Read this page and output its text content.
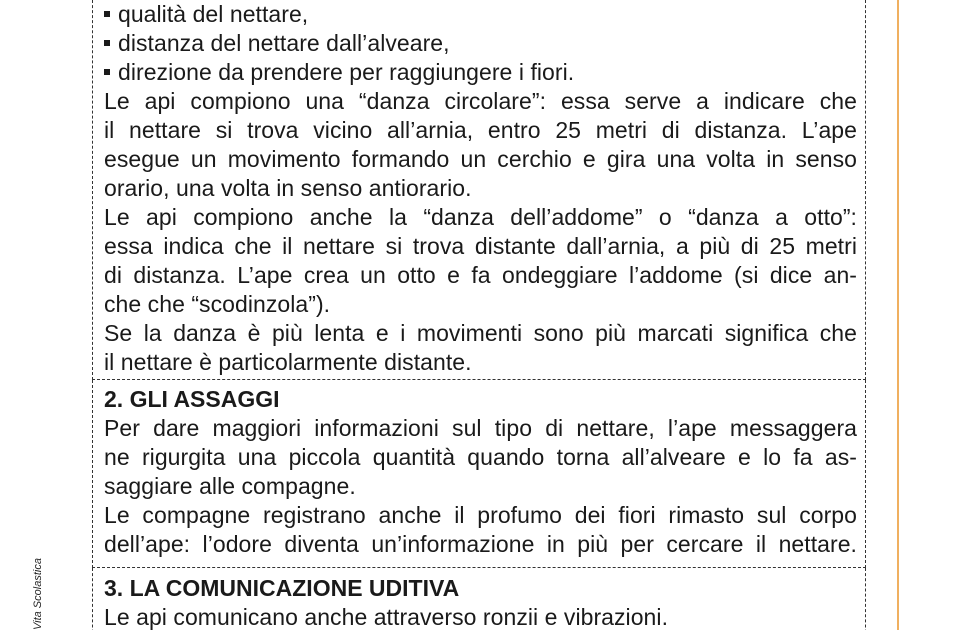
Vita Scolastica
qualità del nettare,
distanza del nettare dall’alveare,
direzione da prendere per raggiungere i fiori.
Le api compiono una “danza circolare”: essa serve a indicare che
il nettare si trova vicino all’arnia, entro 25 metri di distanza. L’ape
esegue un movimento formando un cerchio e gira una volta in senso
orario, una volta in senso antiorario.
Le api compiono anche la “danza dell’addome” o “danza a otto”:
essa indica che il nettare si trova distante dall’arnia, a più di 25 metri
di distanza. L’ape crea un otto e fa ondeggiare l’addome (si dice an-
che che “scodinzola”).
Se la danza è più lenta e i movimenti sono più marcati significa che
il nettare è particolarmente distante.
2. GLI ASSAGGI
Per dare maggiori informazioni sul tipo di nettare, l’ape messaggera
ne rigurgita una piccola quantità quando torna all’alveare e lo fa as-
saggiare alle compagne.
Le compagne registrano anche il profumo dei fiori rimasto sul corpo
dell’ape: l’odore diventa un’informazione in più per cercare il nettare.
3. LA COMUNICAZIONE UDITIVA
Le api comunicano anche attraverso ronzii e vibrazioni.
